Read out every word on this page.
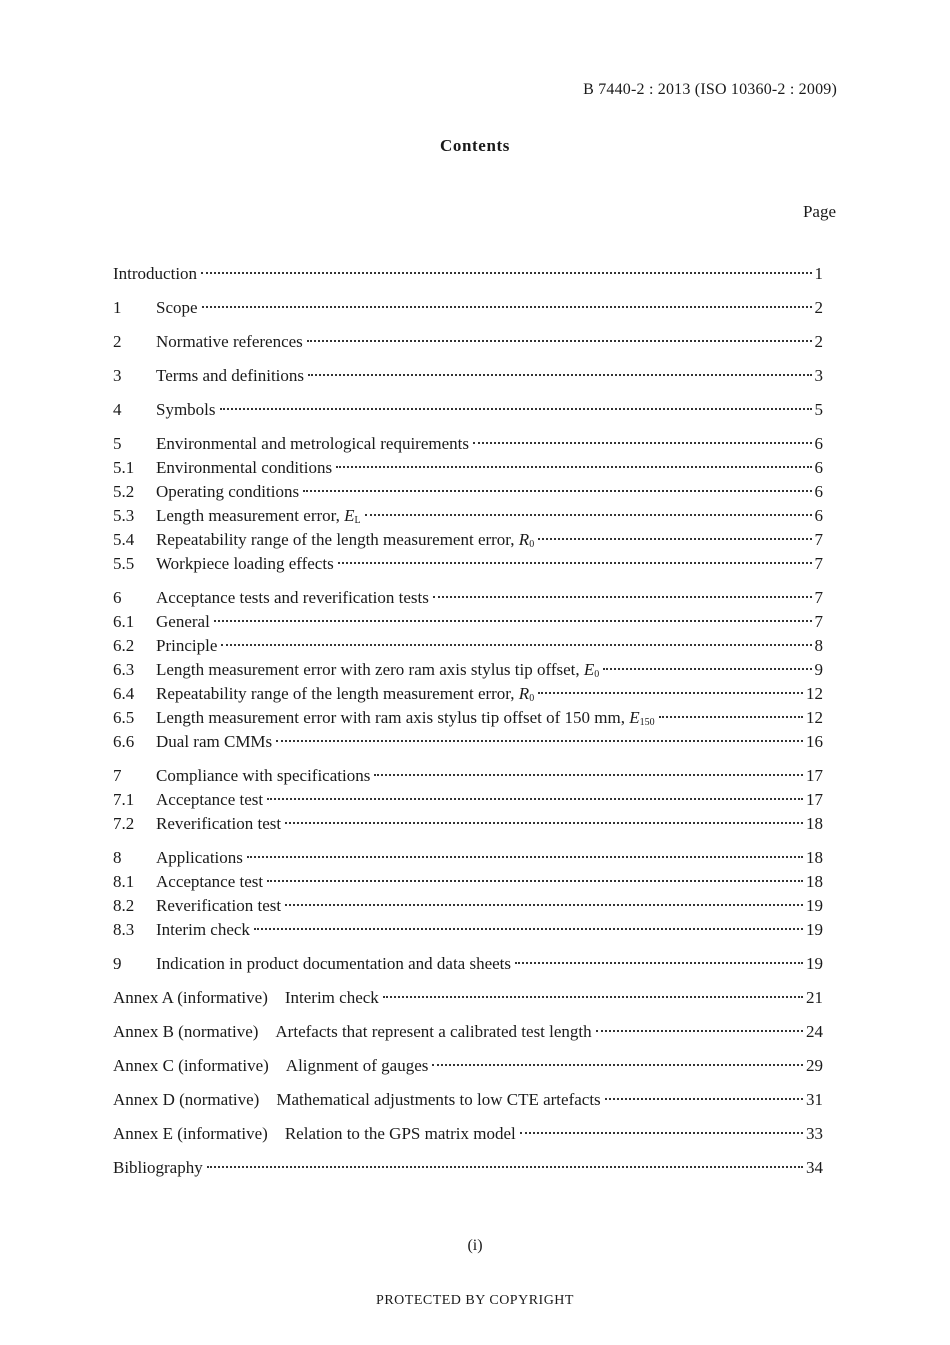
B 7440-2 : 2013 (ISO 10360-2 : 2009)
Contents
Page
Introduction	1
1	Scope	2
2	Normative references	2
3	Terms and definitions	3
4	Symbols	5
5	Environmental and metrological requirements	6
5.1	Environmental conditions	6
5.2	Operating conditions	6
5.3	Length measurement error, $E_L$	6
5.4	Repeatability range of the length measurement error, $R_0$	7
5.5	Workpiece loading effects	7
6	Acceptance tests and reverification tests	7
6.1	General	7
6.2	Principle	8
6.3	Length measurement error with zero ram axis stylus tip offset, $E_0$	9
6.4	Repeatability range of the length measurement error, $R_0$	12
6.5	Length measurement error with ram axis stylus tip offset of 150 mm, $E_{150}$	12
6.6	Dual ram CMMs	16
7	Compliance with specifications	17
7.1	Acceptance test	17
7.2	Reverification test	18
8	Applications	18
8.1	Acceptance test	18
8.2	Reverification test	19
8.3	Interim check	19
9	Indication in product documentation and data sheets	19
Annex A (informative) Interim check	21
Annex B (normative) Artefacts that represent a calibrated test length	24
Annex C (informative) Alignment of gauges	29
Annex D (normative) Mathematical adjustments to low CTE artefacts	31
Annex E (informative) Relation to the GPS matrix model	33
Bibliography	34
(i)
PROTECTED BY COPYRIGHT
